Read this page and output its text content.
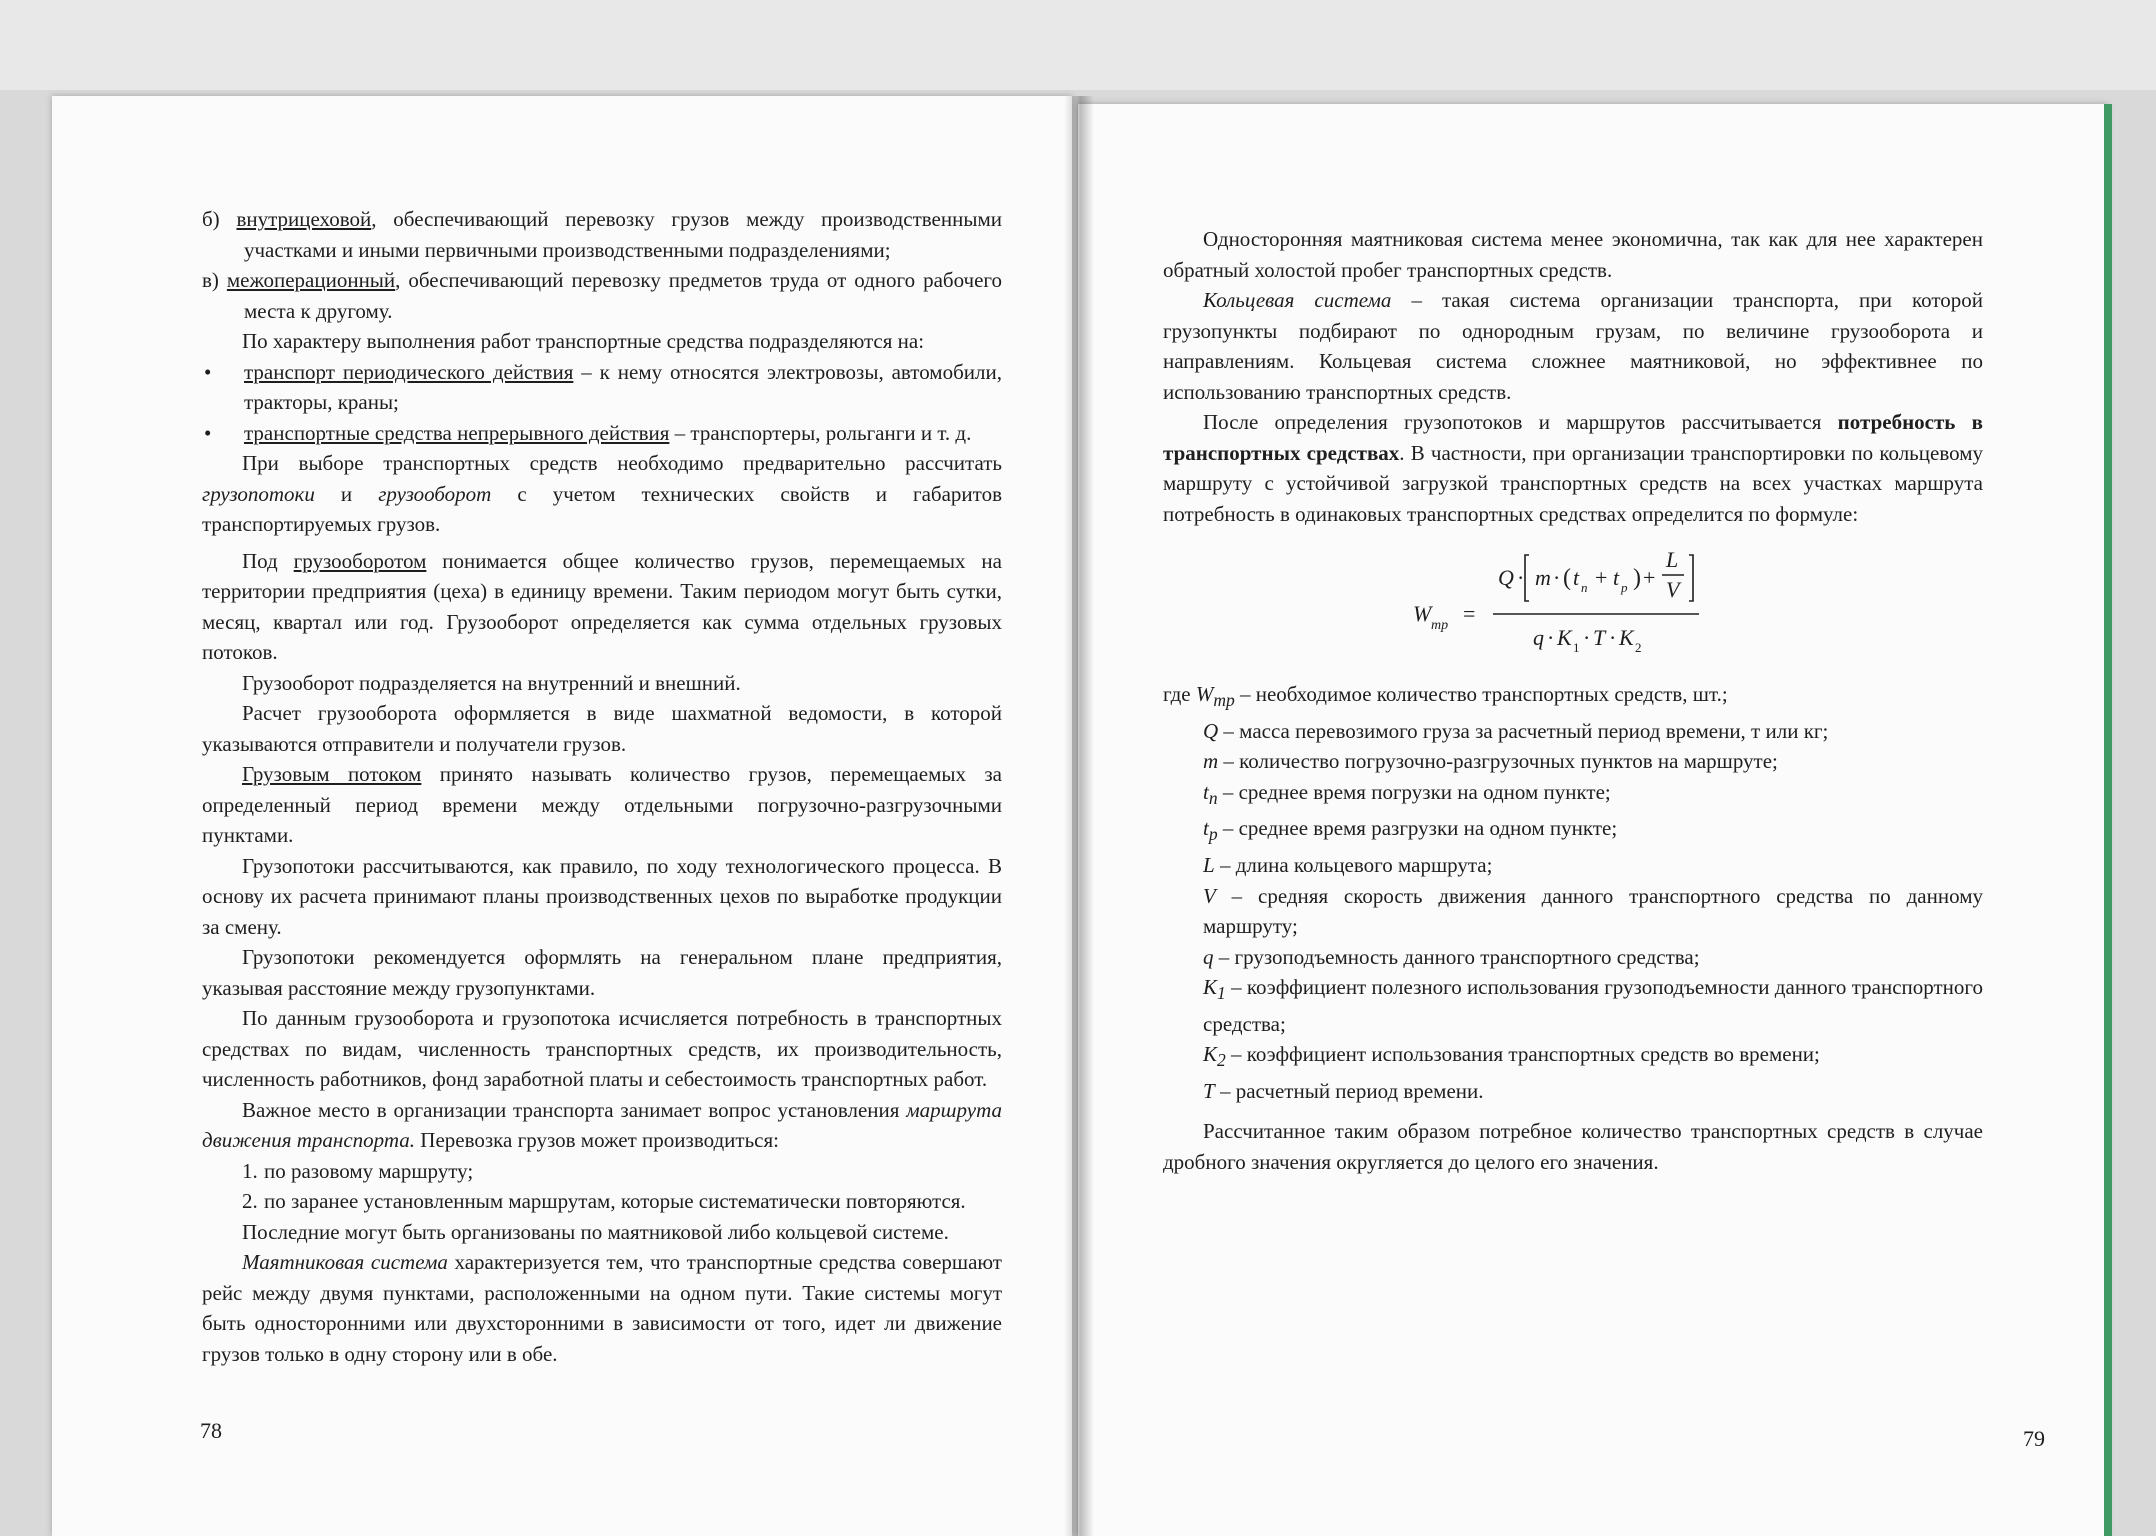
б) внутрицеховой, обеспечивающий перевозку грузов между производственными участками и иными первичными производственными подразделениями;

в) межоперационный, обеспечивающий перевозку предметов труда от одного рабочего места к другому.

По характеру выполнения работ транспортные средства подразделяются на:

• транспорт периодического действия – к нему относятся электровозы, автомобили, тракторы, краны;

• транспортные средства непрерывного действия – транспортеры, рольганги и т. д.

При выборе транспортных средств необходимо предварительно рассчитать грузопотоки и грузооборот с учетом технических свойств и габаритов транспортируемых грузов.

Под грузооборотом понимается общее количество грузов, перемещаемых на территории предприятия (цеха) в единицу времени. Таким периодом могут быть сутки, месяц, квартал или год. Грузооборот определяется как сумма отдельных грузовых потоков.

Грузооборот подразделяется на внутренний и внешний.

Расчет грузооборота оформляется в виде шахматной ведомости, в которой указываются отправители и получатели грузов.

Грузовым потоком принято называть количество грузов, перемещаемых за определенный период времени между отдельными погрузочно-разгрузочными пунктами.

Грузопотоки рассчитываются, как правило, по ходу технологического процесса. В основу их расчета принимают планы производственных цехов по выработке продукции за смену.

Грузопотоки рекомендуется оформлять на генеральном плане предприятия, указывая расстояние между грузопунктами.

По данным грузооборота и грузопотока исчисляется потребность в транспортных средствах по видам, численность транспортных средств, их производительность, численность работников, фонд заработной платы и себестоимость транспортных работ.

Важное место в организации транспорта занимает вопрос установления маршрута движения транспорта. Перевозка грузов может производиться:

1. по разовому маршруту;

2. по заранее установленным маршрутам, которые систематически повторяются.

Последние могут быть организованы по маятниковой либо кольцевой системе.

Маятниковая система характеризуется тем, что транспортные средства совершают рейс между двумя пунктами, расположенными на одном пути. Такие системы могут быть односторонними или двухсторонними в зависимости от того, идет ли движение грузов только в одну сторону или в обе.

78

Односторонняя маятниковая система менее экономична, так как для нее характерен обратный холостой пробег транспортных средств.

Кольцевая система – такая система организации транспорта, при которой грузопункты подбирают по однородным грузам, по величине грузооборота и направлениям. Кольцевая система сложнее маятниковой, но эффективнее по использованию транспортных средств.

После определения грузопотоков и маршрутов рассчитывается потребность в транспортных средствах. В частности, при организации транспортировки по кольцевому маршруту с устойчивой загрузкой транспортных средств на всех участках маршрута потребность в одинаковых транспортных средствах определится по формуле:

W тр =
Q · m · ( t п + t р ) +
L
V
q · K 1 · T · K 2

где $W_{тр}$ – необходимое количество транспортных средств, шт.;

Q – масса перевозимого груза за расчетный период времени, т или кг;

m – количество погрузочно-разгрузочных пунктов на маршруте;

$t_п$ – среднее время погрузки на одном пункте;

$t_р$ – среднее время разгрузки на одном пункте;

L – длина кольцевого маршрута;

V – средняя скорость движения данного транспортного средства по данному маршруту;

q – грузоподъемность данного транспортного средства;

$K_1$ – коэффициент полезного использования грузоподъемности данного транспортного средства;

$K_2$ – коэффициент использования транспортных средств во времени;

T – расчетный период времени.

Рассчитанное таким образом потребное количество транспортных средств в случае дробного значения округляется до целого его значения.

79
